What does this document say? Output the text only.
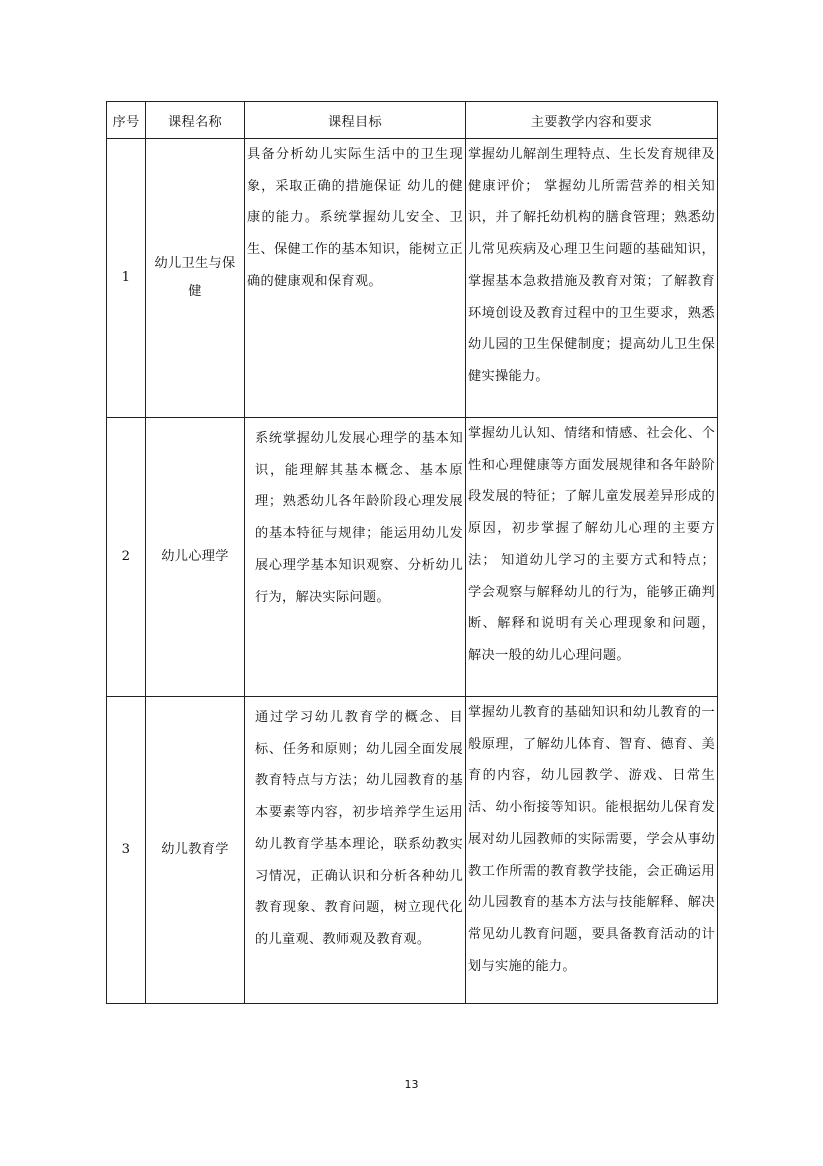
序号	课程名称	课程目标	主要教学内容和要求
1	幼儿卫生与保健	具备分析幼儿实际生活中的卫生现象，采取正确的措施保证 幼儿的健康的能力。系统掌握幼儿安全、卫生、保健工作的基本知识，能树立正确的健康观和保育观。	掌握幼儿解剖生理特点、生长发育规律及健康评价； 掌握幼儿所需营养的相关知识，并了解托幼机构的膳食管理；熟悉幼儿常见疾病及心理卫生问题的基础知识，掌握基本急救措施及教育对策；了解教育环境创设及教育过程中的卫生要求，熟悉幼儿园的卫生保健制度；提高幼儿卫生保健实操能力。

2	幼儿心理学	系统掌握幼儿发展心理学的基本知识，能理解其基本概念、基本原理；熟悉幼儿各年龄阶段心理发展的基本特征与规律；能运用幼儿发展心理学基本知识观察、分析幼儿行为，解决实际问题。	掌握幼儿认知、情绪和情感、社会化、个性和心理健康等方面发展规律和各年龄阶段发展的特征；了解儿童发展差异形成的原因，初步掌握了解幼儿心理的主要方法； 知道幼儿学习的主要方式和特点；学会观察与解释幼儿的行为，能够正确判断、解释和说明有关心理现象和问题， 解决一般的幼儿心理问题。

3	幼儿教育学	通过学习幼儿教育学的概念、目标、任务和原则；幼儿园全面发展教育特点与方法；幼儿园教育的基本要素等内容，初步培养学生运用幼儿教育学基本理论，联系幼教实习情况，正确认识和分析各种幼儿教育现象、教育问题，树立现代化的儿童观、教师观及教育观。	掌握幼儿教育的基础知识和幼儿教育的一般原理，了解幼儿体育、智育、德育、美育的内容，幼儿园教学、游戏、日常生活、幼小衔接等知识。能根据幼儿保育发展对幼儿园教师的实际需要，学会从事幼教工作所需的教育教学技能，会正确运用幼儿园教育的基本方法与技能解释、解决常见幼儿教育问题，要具备教育活动的计划与实施的能力。
13
